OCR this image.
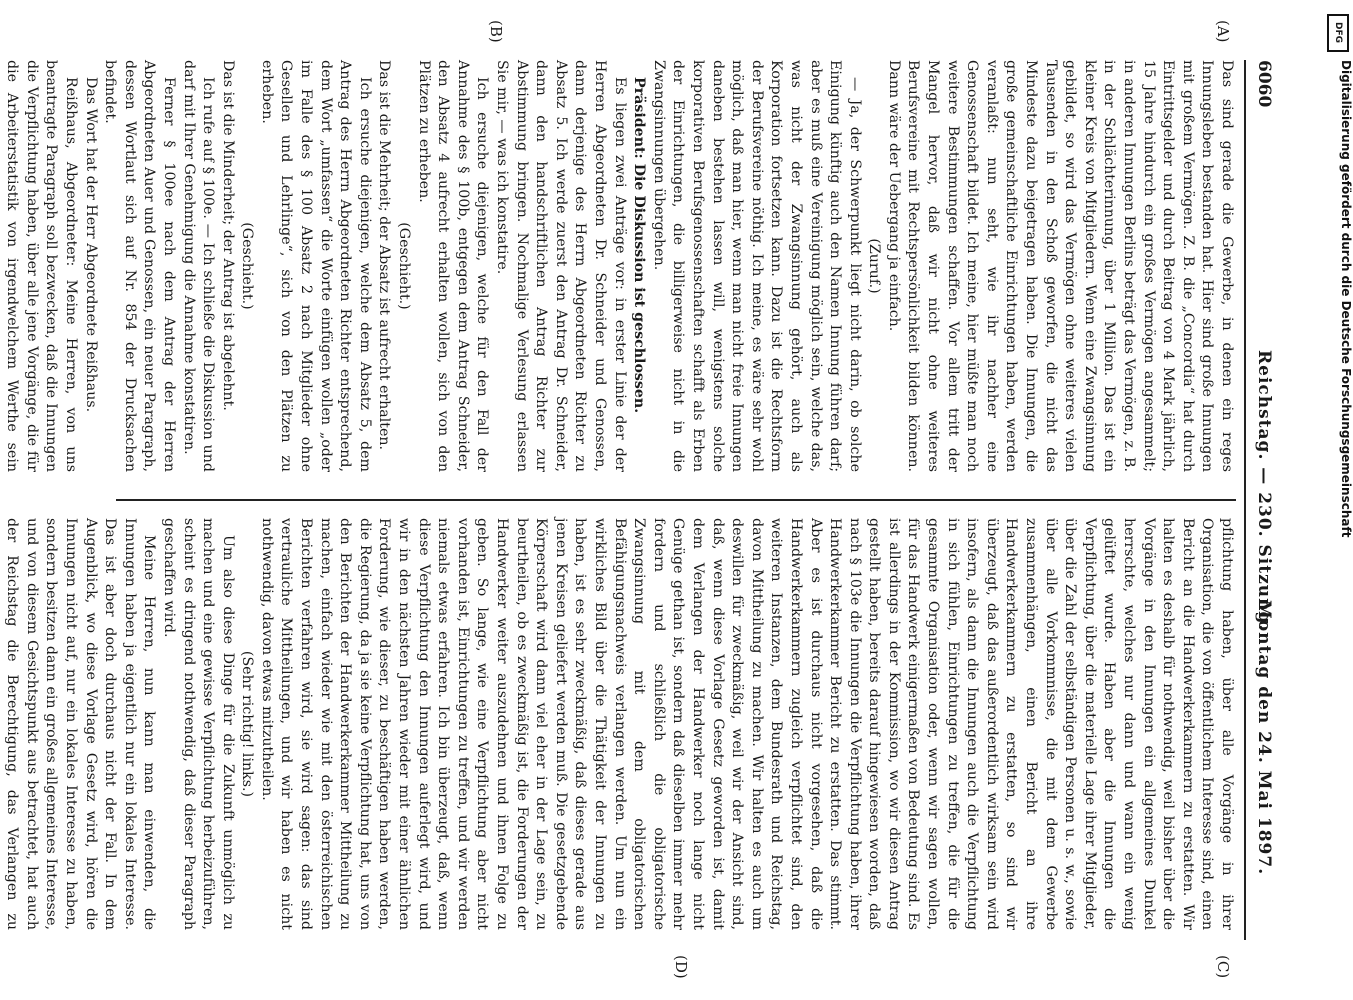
6060
Reichstag. — 230. Sitzung.
Montag den 24. Mai 1897.
(A)
(B)
(C)
(D)

Das sind gerade die Gewerbe, in denen ein reges Innungsleben bestanden hat. Hier sind große Innungen mit großem Vermögen. Z. B. die „Concordia“ hat durch Eintrittsgelder und durch Beitrag von 4 Mark jährlich, 15 Jahre hindurch ein großes Vermögen angesammelt; in anderen Innungen Berlins beträgt das Vermögen, z. B. in der Schlächterinnung, über 1 Million. Das ist ein kleiner Kreis von Mitgliedern. Wenn eine Zwangsinnung gebildet, so wird das Vermögen ohne weiteres vielen Tausenden in den Schoß geworfen, die nicht das Mindeste dazu beigetragen haben. Die Innungen, die große gemeinschaftliche Einrichtungen haben, werden veranlaßt: nun seht, wie ihr nachher eine Genossenschaft bildet. Ich meine, hier müßte man noch weitere Bestimmungen schaffen. Vor allem tritt der Mangel hervor, daß wir nicht ohne weiteres Berufsvereine mit Rechtspersönlichkeit bilden können. Dann wäre der Uebergang ja einfach.

(Zuruf.)

— Ja, der Schwerpunkt liegt nicht darin, ob solche Einigung künftig auch den Namen Innung führen darf; aber es muß eine Vereinigung möglich sein, welche das, was nicht der Zwangsinnung gehört, auch als Korporation fortsetzen kann. Dazu ist die Rechtsform der Berufsvereine nöthig. Ich meine, es wäre sehr wohl möglich, daß man hier, wenn man nicht freie Innungen daneben bestehen lassen will, wenigstens solche korporativen Berufsgenossenschaften schafft als Erben der Einrichtungen, die billigerweise nicht in die Zwangsinnungen übergehen.

Präsident: Die Diskussion ist geschlossen.

Es liegen zwei Anträge vor: in erster Linie der der Herren Abgeordneten Dr. Schneider und Genossen, dann derjenige des Herrn Abgeordneten Richter zu Absatz 5. Ich werde zuerst den Antrag Dr. Schneider, dann den handschriftlichen Antrag Richter zur Abstimmung bringen. Nochmalige Verlesung erlassen Sie mir, — was ich konstatire.

Ich ersuche diejenigen, welche für den Fall der Annahme des § 100b, entgegen dem Antrag Schneider, den Absatz 4 aufrecht erhalten wollen, sich von den Plätzen zu erheben.

(Geschieht.)

Das ist die Mehrheit; der Absatz ist aufrecht erhalten.

Ich ersuche diejenigen, welche dem Absatz 5, dem Antrag des Herrn Abgeordneten Richter entsprechend, dem Wort „umfassen“ die Worte einfügen wollen „oder im Falle des § 100 Absatz 2 nach Mitglieder ohne Gesellen und Lehrlinge“, sich von den Plätzen zu erheben.

(Geschieht.)

Das ist die Minderheit; der Antrag ist abgelehnt.

Ich rufe auf § 100e. — Ich schließe die Diskussion und darf mit Ihrer Genehmigung die Annahme konstatiren.

Ferner § 100ee nach dem Antrag der Herren Abgeordneten Auer und Genossen, ein neuer Paragraph, dessen Wortlaut sich auf Nr. 854 der Drucksachen befindet.

Das Wort hat der Herr Abgeordnete Reißhaus.

Reißhaus, Abgeordneter: Meine Herren, von uns beantragte Paragraph soll bezwecken, daß die Innungen die Verpflichtung haben, über alle jene Vorgänge, die für die Arbeiterstatistik von irgendwelchem Werthe sein

pflichtung haben, über alle Vorgänge in ihrer Organisation, die von öffentlichem Interesse sind, einen Bericht an die Handwerkerkammern zu erstatten. Wir halten es deshalb für nothwendig, weil bisher über die Vorgänge in den Innungen ein allgemeines Dunkel herrschte, welches nur dann und wann ein wenig gelüftet wurde. Haben aber die Innungen die Verpflichtung, über die materielle Lage ihrer Mitglieder, über die Zahl der selbständigen Personen u. s. w., sowie über alle Vorkommnisse, die mit dem Gewerbe zusammenhängen, einen Bericht an ihre Handwerkerkammern zu erstatten, so sind wir überzeugt, daß das außerordentlich wirksam sein wird insofern, als dann die Innungen auch die Verpflichtung in sich fühlen, Einrichtungen zu treffen, die für die gesammte Organisation oder, wenn wir sagen wollen, für das Handwerk einigermaßen von Bedeutung sind. Es ist allerdings in der Kommission, wo wir diesen Antrag gestellt haben, bereits darauf hingewiesen worden, daß nach § 103e die Innungen die Verpflichtung haben, ihrer Handwerkerkammer Bericht zu erstatten. Das stimmt. Aber es ist durchaus nicht vorgesehen, daß die Handwerkerkammern zugleich verpflichtet sind, den weiteren Instanzen, dem Bundesrath und Reichstag, davon Mittheilung zu machen. Wir halten es auch um deswillen für zweckmäßig, weil wir der Ansicht sind, daß, wenn diese Vorlage Gesetz geworden ist, damit dem Verlangen der Handwerker noch lange nicht Genüge gethan ist, sondern daß dieselben immer mehr fordern und schließlich die obligatorische Zwangsinnung mit dem obligatorischen Befähigungsnachweis verlangen werden. Um nun ein wirkliches Bild über die Thätigkeit der Innungen zu haben, ist es sehr zweckmäßig, daß dieses gerade aus jenen Kreisen geliefert werden muß. Die gesetzgebende Körperschaft wird dann viel eher in der Lage sein, zu beurtheilen, ob es zweckmäßig ist, die Forderungen der Handwerker weiter auszudehnen und ihnen Folge zu geben. So lange, wie eine Verpflichtung aber nicht vorhanden ist, Einrichtungen zu treffen, und wir werden niemals etwas erfahren. Ich bin überzeugt, daß, wenn diese Verpflichtung den Innungen auferlegt wird, und wir in den nächsten Jahren wieder mit einer ähnlichen Forderung, wie dieser, zu beschäftigen haben werden, die Regierung, da ja sie keine Verpflichtung hat, uns von den Berichten der Handwerkerkammer Mittheilung zu machen, einfach wieder wie mit den österreichischen Berichten verfahren wird, sie wird sagen: das sind vertrauliche Mittheilungen, und wir haben es nicht nothwendig, davon etwas mitzutheilen.

(Sehr richtig! links.)

Um also diese Dinge für die Zukunft unmöglich zu machen und eine gewisse Verpflichtung herbeizuführen, scheint es dringend nothwendig, daß dieser Paragraph geschaffen wird.

Meine Herren, nun kann man einwenden, die Innungen haben ja eigentlich nur ein lokales Interesse. Das ist aber doch durchaus nicht der Fall. In dem Augenblick, wo diese Vorlage Gesetz wird, hören die Innungen nicht auf, nur ein lokales Interesse zu haben, sondern besitzen dann ein großes allgemeines Interesse, und von diesem Gesichtspunkt aus betrachtet, hat auch der Reichstag die Berechtigung, das Verlangen zu

DFG
Digitalisierung gefördert durch die Deutsche Forschungsgemeinschaft
